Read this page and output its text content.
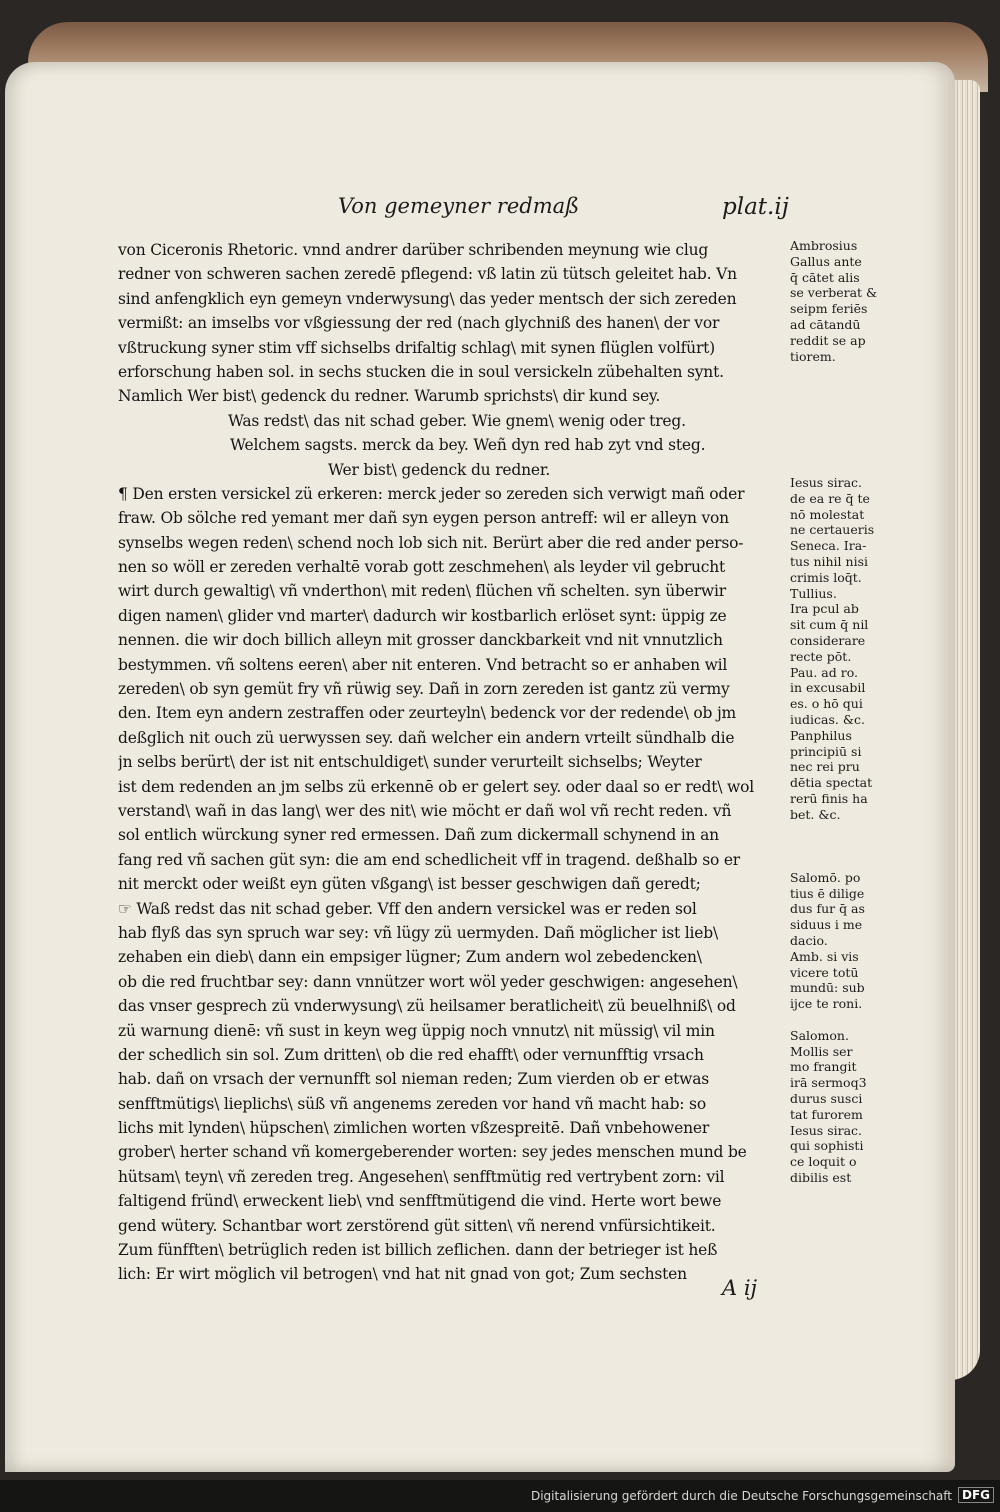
Von gemeyner redmaß	plat.ij
von Ciceronis Rhetoric. vnnd andrer darüber schribenden meynung wie clug
redner von schweren sachen zeredē pflegend: vß latin zü tütsch geleitet hab. Vn
sind anfengklich eyn gemeyn vnderwysung\ das yeder mentsch der sich zereden
vermißt: an imselbs vor vßgiessung der red (nach glychniß des hanen\ der vor
vßtruckung syner stim vff sichselbs drifaltig schlag\ mit synen flüglen volfürt)
erforschung haben sol. in sechs stucken die in soul versickeln zübehalten synt.
Namlich Wer bist\ gedenck du redner. Warumb sprichsts\ dir kund sey.
Was redst\ das nit schad geber. Wie gnem\ wenig oder treg.
Welchem sagsts. merck da bey. Weñ dyn red hab zyt vnd steg.
Wer bist\ gedenck du redner.
¶ Den ersten versickel zü erkeren: merck jeder so zereden sich verwigt mañ oder
fraw. Ob sölche red yemant mer dañ syn eygen person antreff: wil er alleyn von
synselbs wegen reden\ schend noch lob sich nit. Berürt aber die red ander perso-
nen so wöll er zereden verhaltē vorab gott zeschmehen\ als leyder vil gebrucht
wirt durch gewaltig\ vñ vnderthon\ mit reden\ flüchen vñ schelten. syn überwir
digen namen\ glider vnd marter\ dadurch wir kostbarlich erlöset synt: üppig ze
nennen. die wir doch billich alleyn mit grosser danckbarkeit vnd nit vnnutzlich
bestymmen. vñ soltens eeren\ aber nit enteren. Vnd betracht so er anhaben wil
zereden\ ob syn gemüt fry vñ rüwig sey. Dañ in zorn zereden ist gantz zü vermy
den. Item eyn andern zestraffen oder zeurteyln\ bedenck vor der redende\ ob jm
deßglich nit ouch zü uerwyssen sey. dañ welcher ein andern vrteilt sündhalb die
jn selbs berürt\ der ist nit entschuldiget\ sunder verurteilt sichselbs; Weyter
ist dem redenden an jm selbs zü erkennē ob er gelert sey. oder daal so er redt\ wol
verstand\ wañ in das lang\ wer des nit\ wie möcht er dañ wol vñ recht reden. vñ
sol entlich würckung syner red ermessen. Dañ zum dickermall schynend in an
fang red vñ sachen güt syn: die am end schedlicheit vff in tragend. deßhalb so er
nit merckt oder weißt eyn güten vßgang\ ist besser geschwigen dañ geredt;
☞ Waß redst das nit schad geber. Vff den andern versickel was er reden sol
hab flyß das syn spruch war sey: vñ lügy zü uermyden. Dañ möglicher ist lieb\
zehaben ein dieb\ dann ein empsiger lügner; Zum andern wol zebedencken\
ob die red fruchtbar sey: dann vnnützer wort wöl yeder geschwigen: angesehen\
das vnser gesprech zü vnderwysung\ zü heilsamer beratlicheit\ zü beuelhniß\ od
zü warnung dienē: vñ sust in keyn weg üppig noch vnnutz\ nit müssig\ vil min
der schedlich sin sol. Zum dritten\ ob die red ehafft\ oder vernunfftig vrsach
hab. dañ on vrsach der vernunfft sol nieman reden; Zum vierden ob er etwas
senfftmütigs\ lieplichs\ süß vñ angenems zereden vor hand vñ macht hab: so
lichs mit lynden\ hüpschen\ zimlichen worten vßzespreitē. Dañ vnbehowener
grober\ herter schand vñ komergeberender worten: sey jedes menschen mund be
hütsam\ teyn\ vñ zereden treg. Angesehen\ senfftmütig red vertrybent zorn: vil
faltigend fründ\ erweckent lieb\ vnd senfftmütigend die vind. Herte wort bewe
gend wütery. Schantbar wort zerstörend güt sitten\ vñ nerend vnfürsichtikeit.
Zum fünfften\ betrüglich reden ist billich zeflichen. dann der betrieger ist heß
lich: Er wirt möglich vil betrogen\ vnd hat nit gnad von got; Zum sechsten
Ambrosius
Gallus ante
q̄ cātet alis
se verberat &
seipm feriēs
ad cātandū
reddit se ap
tiorem.
Iesus sirac.
de ea re q̄ te
nō molestat
ne certaueris
Seneca. Ira-
tus nihil nisi
crimis loq̄t.
Tullius.
Ira pcul ab
sit cum q̄ nil
considerare
recte pōt.
Pau. ad ro.
in excusabil
es. o hō qui
iudicas. &c.
Panphilus
principiū si
nec rei pru
dētia spectat
rerū finis ha
bet. &c.
Salomō. po
tius ē dilige
dus fur q̄ as
siduus i me
dacio.
Amb. si vis
vicere totū
mundū: sub
ijce te roni.
Salomon.
Mollis ser
mo frangit
irā sermoq3
durus susci
tat furorem
Iesus sirac.
qui sophisti
ce loquit o
dibilis est
A ij
Digitalisierung gefördert durch die Deutsche Forschungsgemeinschaft DFG
